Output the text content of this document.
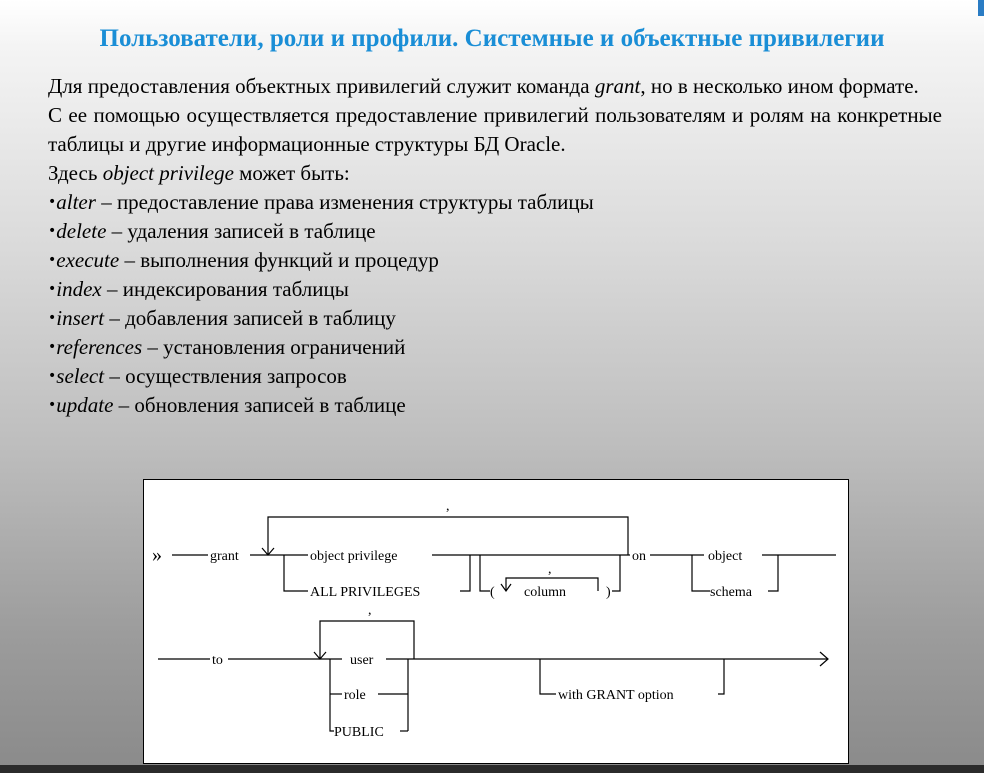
Пользователи, роли и профили. Системные и объектные привилегии

Для предоставления объектных привилегий служит команда grant, но в несколько ином формате.

С ее помощью осуществляется предоставление привилегий пользователям и ролям на конкретные таблицы и другие информационные структуры БД Oracle.

Здесь object privilege может быть:

•alter – предоставление права изменения структуры таблицы
•delete – удаления записей в таблице
•execute – выполнения функций и процедур
•index – индексирования таблицы
•insert – добавления записей в таблицу
•references – установления ограничений
•select – осуществления запросов
•update – обновления записей в таблице
»	grant	object privilege
,
ALL PRIVILEGES	( column	)
,
on	object
schema
to	user
,
role
PUBLIC
with GRANT option
